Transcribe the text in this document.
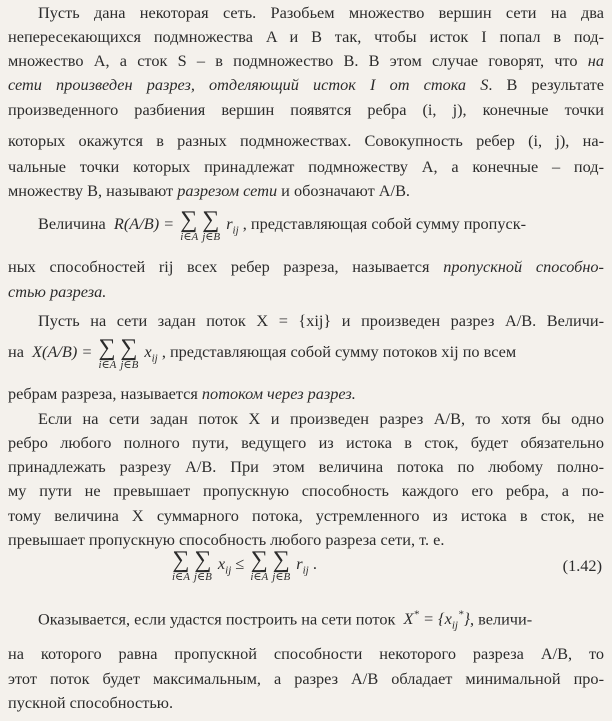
Пусть дана некоторая сеть. Разобьем множество вершин сети на два
непересекающихся подмножества A и B так, чтобы исток I попал в под-
множество A, а сток S – в подмножество B. В этом случае говорят, что на
сети произведен разрез, отделяющий исток I от стока S. В результате
произведенного разбиения вершин появятся ребра (i, j), конечные точки
которых окажутся в разных подмножествах. Совокупность ребер (i, j), на-
чальные точки которых принадлежат подмножеству A, а конечные – под-
множеству B, называют разрезом сети и обозначают A/B.
Величина  R(A/B) = ∑
i∈A
∑
j∈B
$r_{ij}$ , представляющая собой сумму пропуск-
ных способностей rij всех ребер разреза, называется пропускной способно-
стью разреза.
Пусть на сети задан поток X = {xij} и произведен разрез A/B. Величи-
на  X(A/B) = ∑
i∈A
∑
j∈B
$x_{ij}$ , представляющая собой сумму потоков xij по всем
ребрам разреза, называется потоком через разрез.
Если на сети задан поток X и произведен разрез A/B, то хотя бы одно
ребро любого полного пути, ведущего из истока в сток, будет обязательно
принадлежать разрезу A/B. При этом величина потока по любому полно-
му пути не превышает пропускную способность каждого его ребра, а по-
тому величина X суммарного потока, устремленного из истока в сток, не
превышает пропускную способность любого разреза сети, т. е.
∑
i∈A
∑
j∈B
$x_{ij}$ ≤ ∑
i∈A
∑
j∈B
$r_{ij}$ .	(1.42)
Оказывается, если удастся построить на сети поток  $X^* = \{x_{ij}^*\}$, величи-
на которого равна пропускной способности некоторого разреза A/B, то
этот поток будет максимальным, а разрез A/B обладает минимальной про-
пускной способностью.
